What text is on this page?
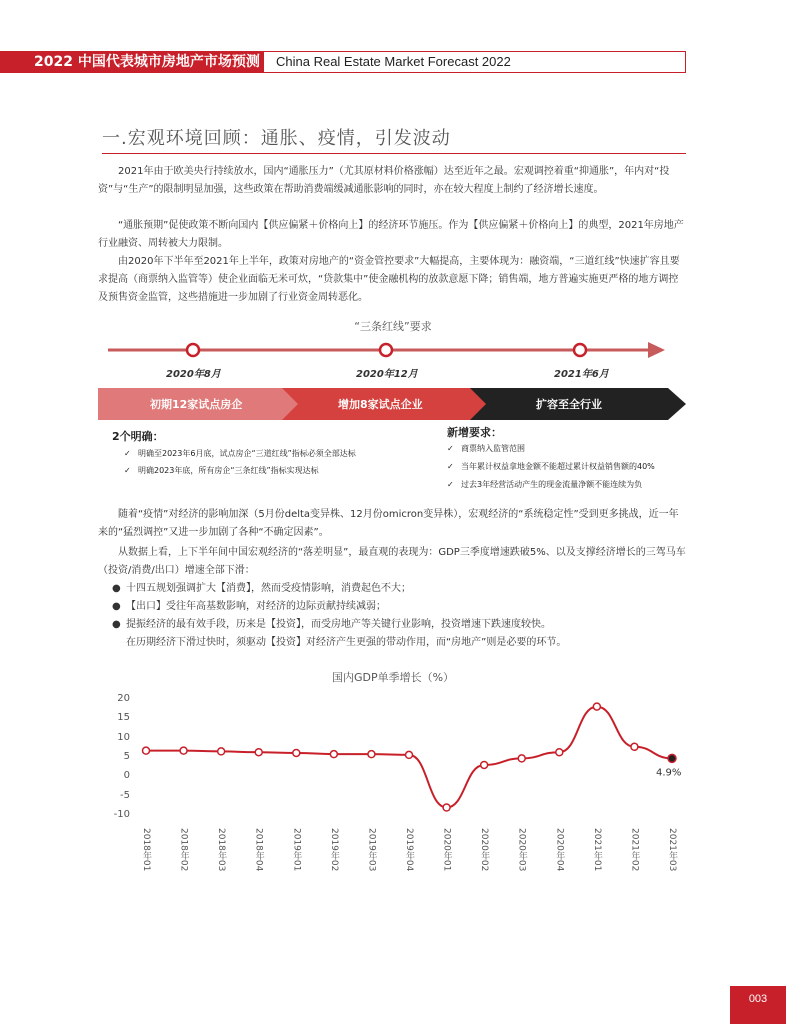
2022 中国代表城市房地产市场预测	China Real Estate Market Forecast 2022
一.宏观环境回顾：通胀、疫情，引发波动

2021年由于欧美央行持续放水，国内“通胀压力”（尤其原材料价格涨幅）达至近年之最。宏观调控着重“抑通胀”，年内对“投资”与“生产”的限制明显加强，这些政策在帮助消费端缓减通胀影响的同时，亦在较大程度上制约了经济增长速度。

“通胀预期”促使政策不断向国内【供应偏紧＋价格向上】的经济环节施压。作为【供应偏紧＋价格向上】的典型，2021年房地产行业融资、周转被大力限制。

由2020年下半年至2021年上半年，政策对房地产的“资金管控要求”大幅提高，主要体现为：融资端，“三道红线”快速扩容且要求提高（商票纳入监管等）使企业面临无米可炊，“贷款集中”使金融机构的放款意愿下降；销售端，地方普遍实施更严格的地方调控及预售资金监管，这些措施进一步加剧了行业资金周转恶化。

“三条红线”要求
2020年8月	2020年12月	2021年6月
初期12家试点房企	增加8家试点企业	扩容至全行业
2个明确：
✓ 明确至2023年6月底，试点房企“三道红线”指标必须全部达标
✓ 明确2023年底，所有房企“三条红线”指标实现达标
新增要求：
✓ 商票纳入监管范围
✓ 当年累计权益拿地金额不能超过累计权益销售额的40%
✓ 过去3年经营活动产生的现金流量净额不能连续为负

随着“疫情”对经济的影响加深（5月份delta变异株、12月份omicron变异株），宏观经济的“系统稳定性”受到更多挑战，近一年来的“猛烈调控”又进一步加剧了各种“不确定因素”。

从数据上看，上下半年间中国宏观经济的“落差明显”，最直观的表现为：GDP三季度增速跌破5%、以及支撑经济增长的三驾马车（投资/消费/出口）增速全部下滑：

● 十四五规划强调扩大【消费】，然而受疫情影响，消费起色不大；
● 【出口】受往年高基数影响，对经济的边际贡献持续减弱；
● 提振经济的最有效手段，历来是【投资】，而受房地产等关键行业影响，投资增速下跌速度较快。
在历期经济下滑过快时，须驱动【投资】对经济产生更强的带动作用，而“房地产”则是必要的环节。
国内GDP单季增长（%）
20
15
10
5
0
-5
-10
4.9%
2018年01	2018年02	2018年03	2018年04	2019年01	2019年02	2019年03	2019年04	2020年01	2020年02	2020年03	2020年04	2021年01	2021年02	2021年03
003
